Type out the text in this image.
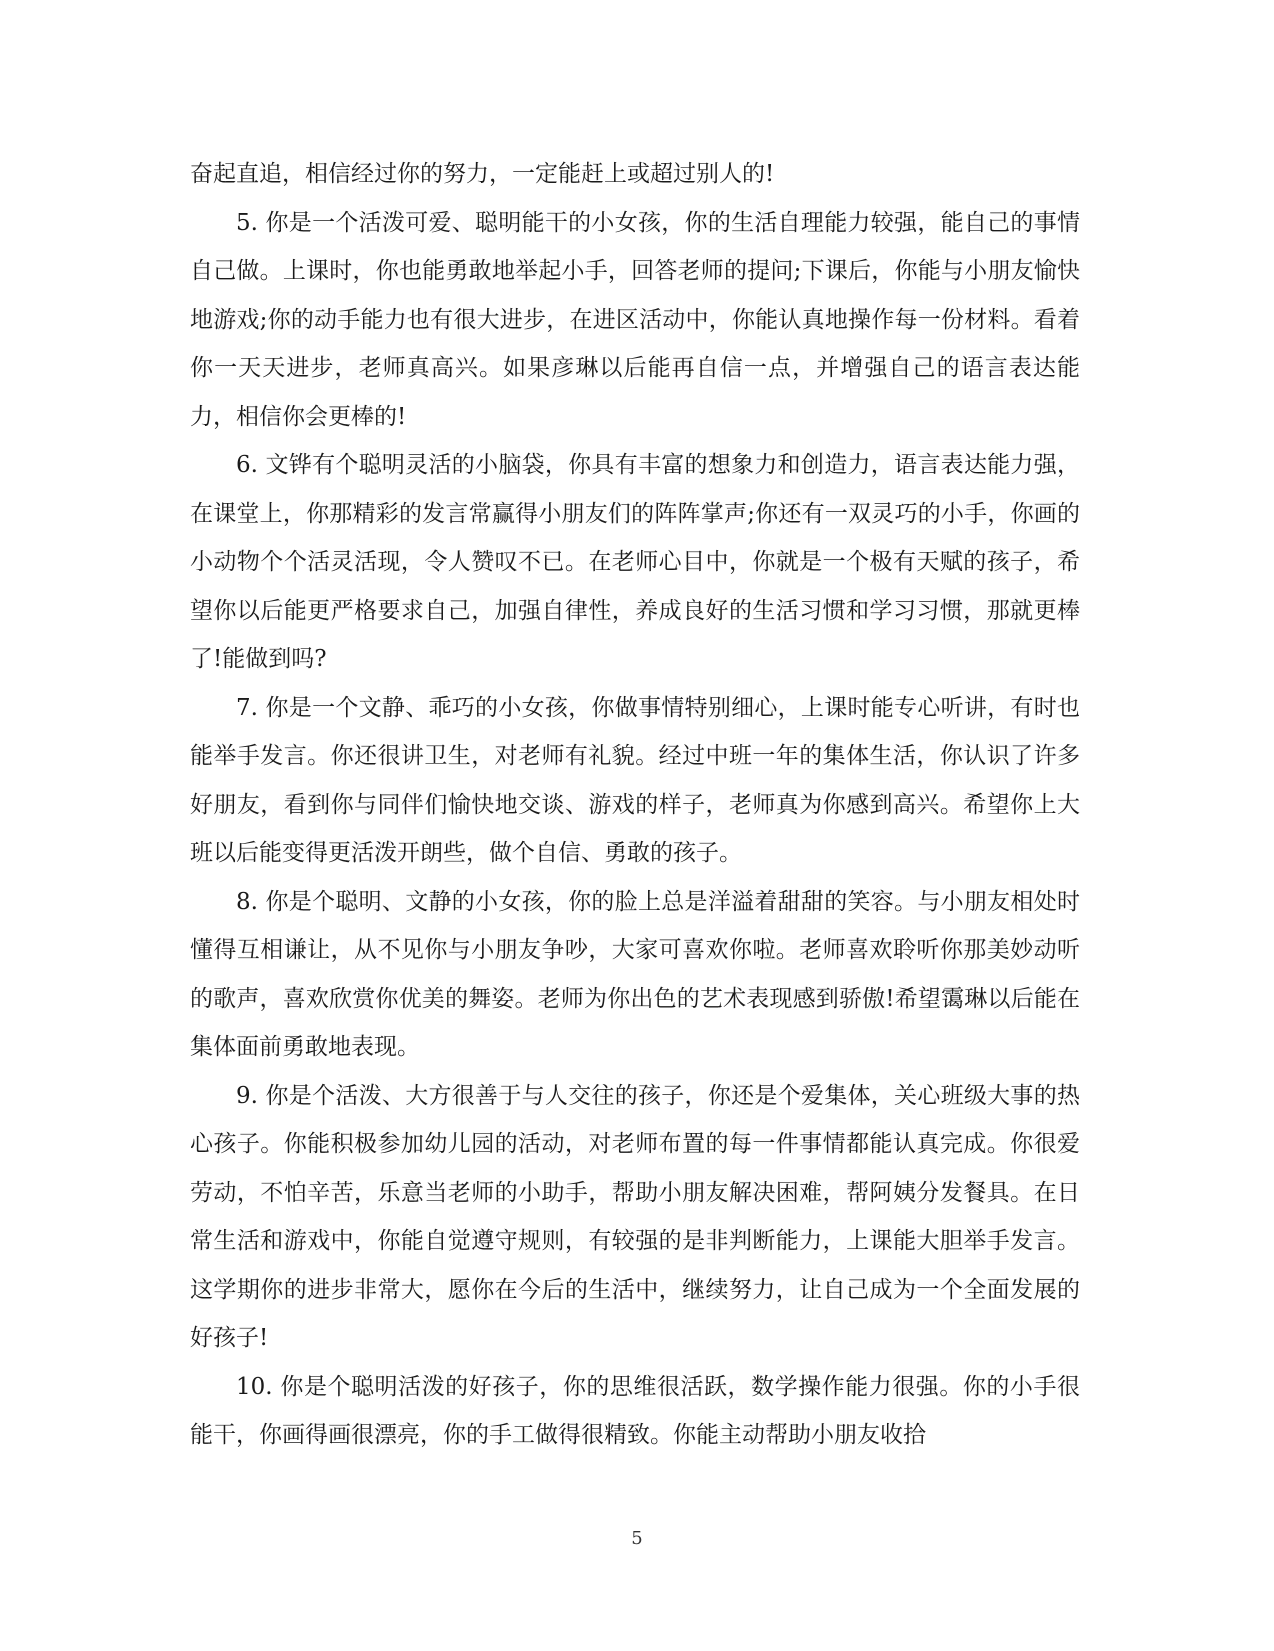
奋起直追，相信经过你的努力，一定能赶上或超过别人的!

5. 你是一个活泼可爱、聪明能干的小女孩，你的生活自理能力较强，能自己的事情自己做。上课时，你也能勇敢地举起小手，回答老师的提问;下课后，你能与小朋友愉快地游戏;你的动手能力也有很大进步，在进区活动中，你能认真地操作每一份材料。看着你一天天进步，老师真高兴。如果彦琳以后能再自信一点，并增强自己的语言表达能力，相信你会更棒的!

6. 文铧有个聪明灵活的小脑袋，你具有丰富的想象力和创造力，语言表达能力强，在课堂上，你那精彩的发言常赢得小朋友们的阵阵掌声;你还有一双灵巧的小手，你画的小动物个个活灵活现，令人赞叹不已。在老师心目中，你就是一个极有天赋的孩子，希望你以后能更严格要求自己，加强自律性，养成良好的生活习惯和学习习惯，那就更棒了!能做到吗?

7. 你是一个文静、乖巧的小女孩，你做事情特别细心，上课时能专心听讲，有时也能举手发言。你还很讲卫生，对老师有礼貌。经过中班一年的集体生活，你认识了许多好朋友，看到你与同伴们愉快地交谈、游戏的样子，老师真为你感到高兴。希望你上大班以后能变得更活泼开朗些，做个自信、勇敢的孩子。

8. 你是个聪明、文静的小女孩，你的脸上总是洋溢着甜甜的笑容。与小朋友相处时懂得互相谦让，从不见你与小朋友争吵，大家可喜欢你啦。老师喜欢聆听你那美妙动听的歌声，喜欢欣赏你优美的舞姿。老师为你出色的艺术表现感到骄傲!希望霭琳以后能在集体面前勇敢地表现。

9. 你是个活泼、大方很善于与人交往的孩子，你还是个爱集体，关心班级大事的热心孩子。你能积极参加幼儿园的活动，对老师布置的每一件事情都能认真完成。你很爱劳动，不怕辛苦，乐意当老师的小助手，帮助小朋友解决困难，帮阿姨分发餐具。在日常生活和游戏中，你能自觉遵守规则，有较强的是非判断能力，上课能大胆举手发言。这学期你的进步非常大，愿你在今后的生活中，继续努力，让自己成为一个全面发展的好孩子!

10. 你是个聪明活泼的好孩子，你的思维很活跃，数学操作能力很强。你的小手很能干，你画得画很漂亮，你的手工做得很精致。你能主动帮助小朋友收拾

5
